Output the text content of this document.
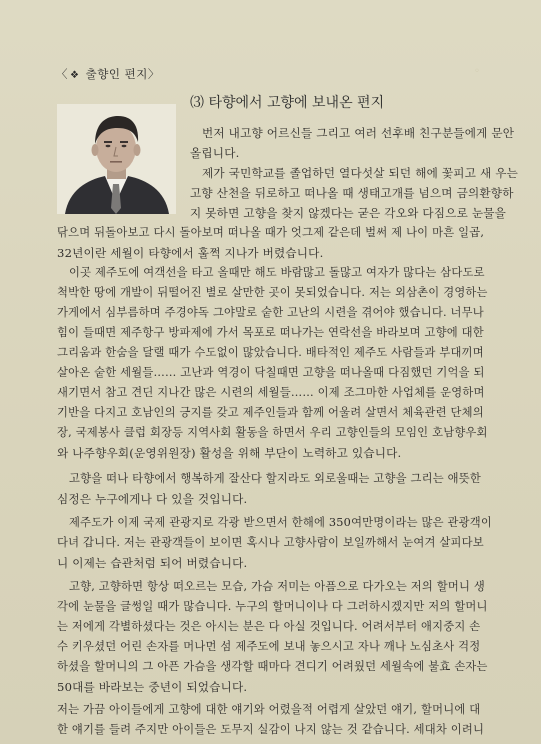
〈 ❖ 출향인 편지〉	◦
⑶ 타향에서 고향에 보내온 편지
번저 내고향 어르신들 그리고 여러 선후배 친구분들에게 문안
올립니다.
제가 국민학교를 졸업하던 열다섯살 되던 해에 꽃피고 새 우는
고향 산천을 뒤로하고 떠나올 때 생태고개를 넘으며 금의환향하
지 못하면 고향을 찾지 않겠다는 굳은 각오와 다짐으로 눈물을
닦으며 뒤돌아보고 다시 돌아보며 떠나올 때가 엇그제 같은데 벌써 제 나이 마흔 일곱,
32년이란 세월이 타향에서 훌쩍 지나가 버렸습니다.
이곳 제주도에 여객선을 타고 올때만 해도 바람많고 돌많고 여자가 많다는 삼다도로
척박한 땅에 개발이 뒤떨어진 별로 살만한 곳이 못되었습니다. 저는 외삼촌이 경영하는
가게에서 심부름하며 주경야독 그야말로 숱한 고난의 시련을 겪어야 했습니다. 너무나
힘이 들때면 제주항구 방파제에 가서 목포로 떠나가는 연락선을 바라보며 고향에 대한
그리움과 한숨을 달랠 때가 수도없이 많았습니다. 배타적인 제주도 사람들과 부대끼며
살아온 숱한 세월들…… 고난과 역경이 닥칠때면 고향을 떠나올때 다짐했던 기억을 되
새기면서 참고 견딘 지나간 많은 시련의 세월들…… 이제 조그마한 사업체를 운영하며
기반을 다지고 호남인의 긍지를 갖고 제주인들과 함께 어울려 살면서 체육관련 단체의
장, 국제봉사 클럽 회장등 지역사회 활동을 하면서 우리 고향인들의 모임인 호남향우회
와 나주향우회(운영위원장) 활성을 위해 부단이 노력하고 있습니다.
고향을 떠나 타향에서 행복하게 잘산다 할지라도 외로울때는 고향을 그리는 애뜻한
심정은 누구에게나 다 있을 것입니다.
제주도가 이제 국제 관광지로 각광 받으면서 한해에 350여만명이라는 많은 관광객이
다녀 갑니다. 저는 관광객들이 보이면 혹시나 고향사람이 보일까해서 눈여겨 살피다보
니 이제는 습관처럼 되어 버렸습니다.
고향, 고향하면 항상 떠오르는 모습, 가슴 저미는 아픔으로 다가오는 저의 할머니 생
각에 눈물을 글썽일 때가 많습니다. 누구의 할머니이나 다 그러하시겠지만 저의 할머니
는 저에게 각별하셨다는 것은 아시는 분은 다 아실 것입니다. 어려서부터 애지중지 손
수 키우셨던 어린 손자를 머나먼 섬 제주도에 보내 놓으시고 자나 깨나 노심초사 걱정
하셨을 할머니의 그 아픈 가슴을 생각할 때마다 견디기 어려웠던 세월속에 불효 손자는
50대를 바라보는 중년이 되었습니다.
저는 가끔 아이들에게 고향에 대한 얘기와 어렸을적 어렵게 살았던 얘기, 할머니에 대
한 얘기를 들려 주지만 아이들은 도무지 실감이 나지 않는 것 같습니다. 세대차 이려니
